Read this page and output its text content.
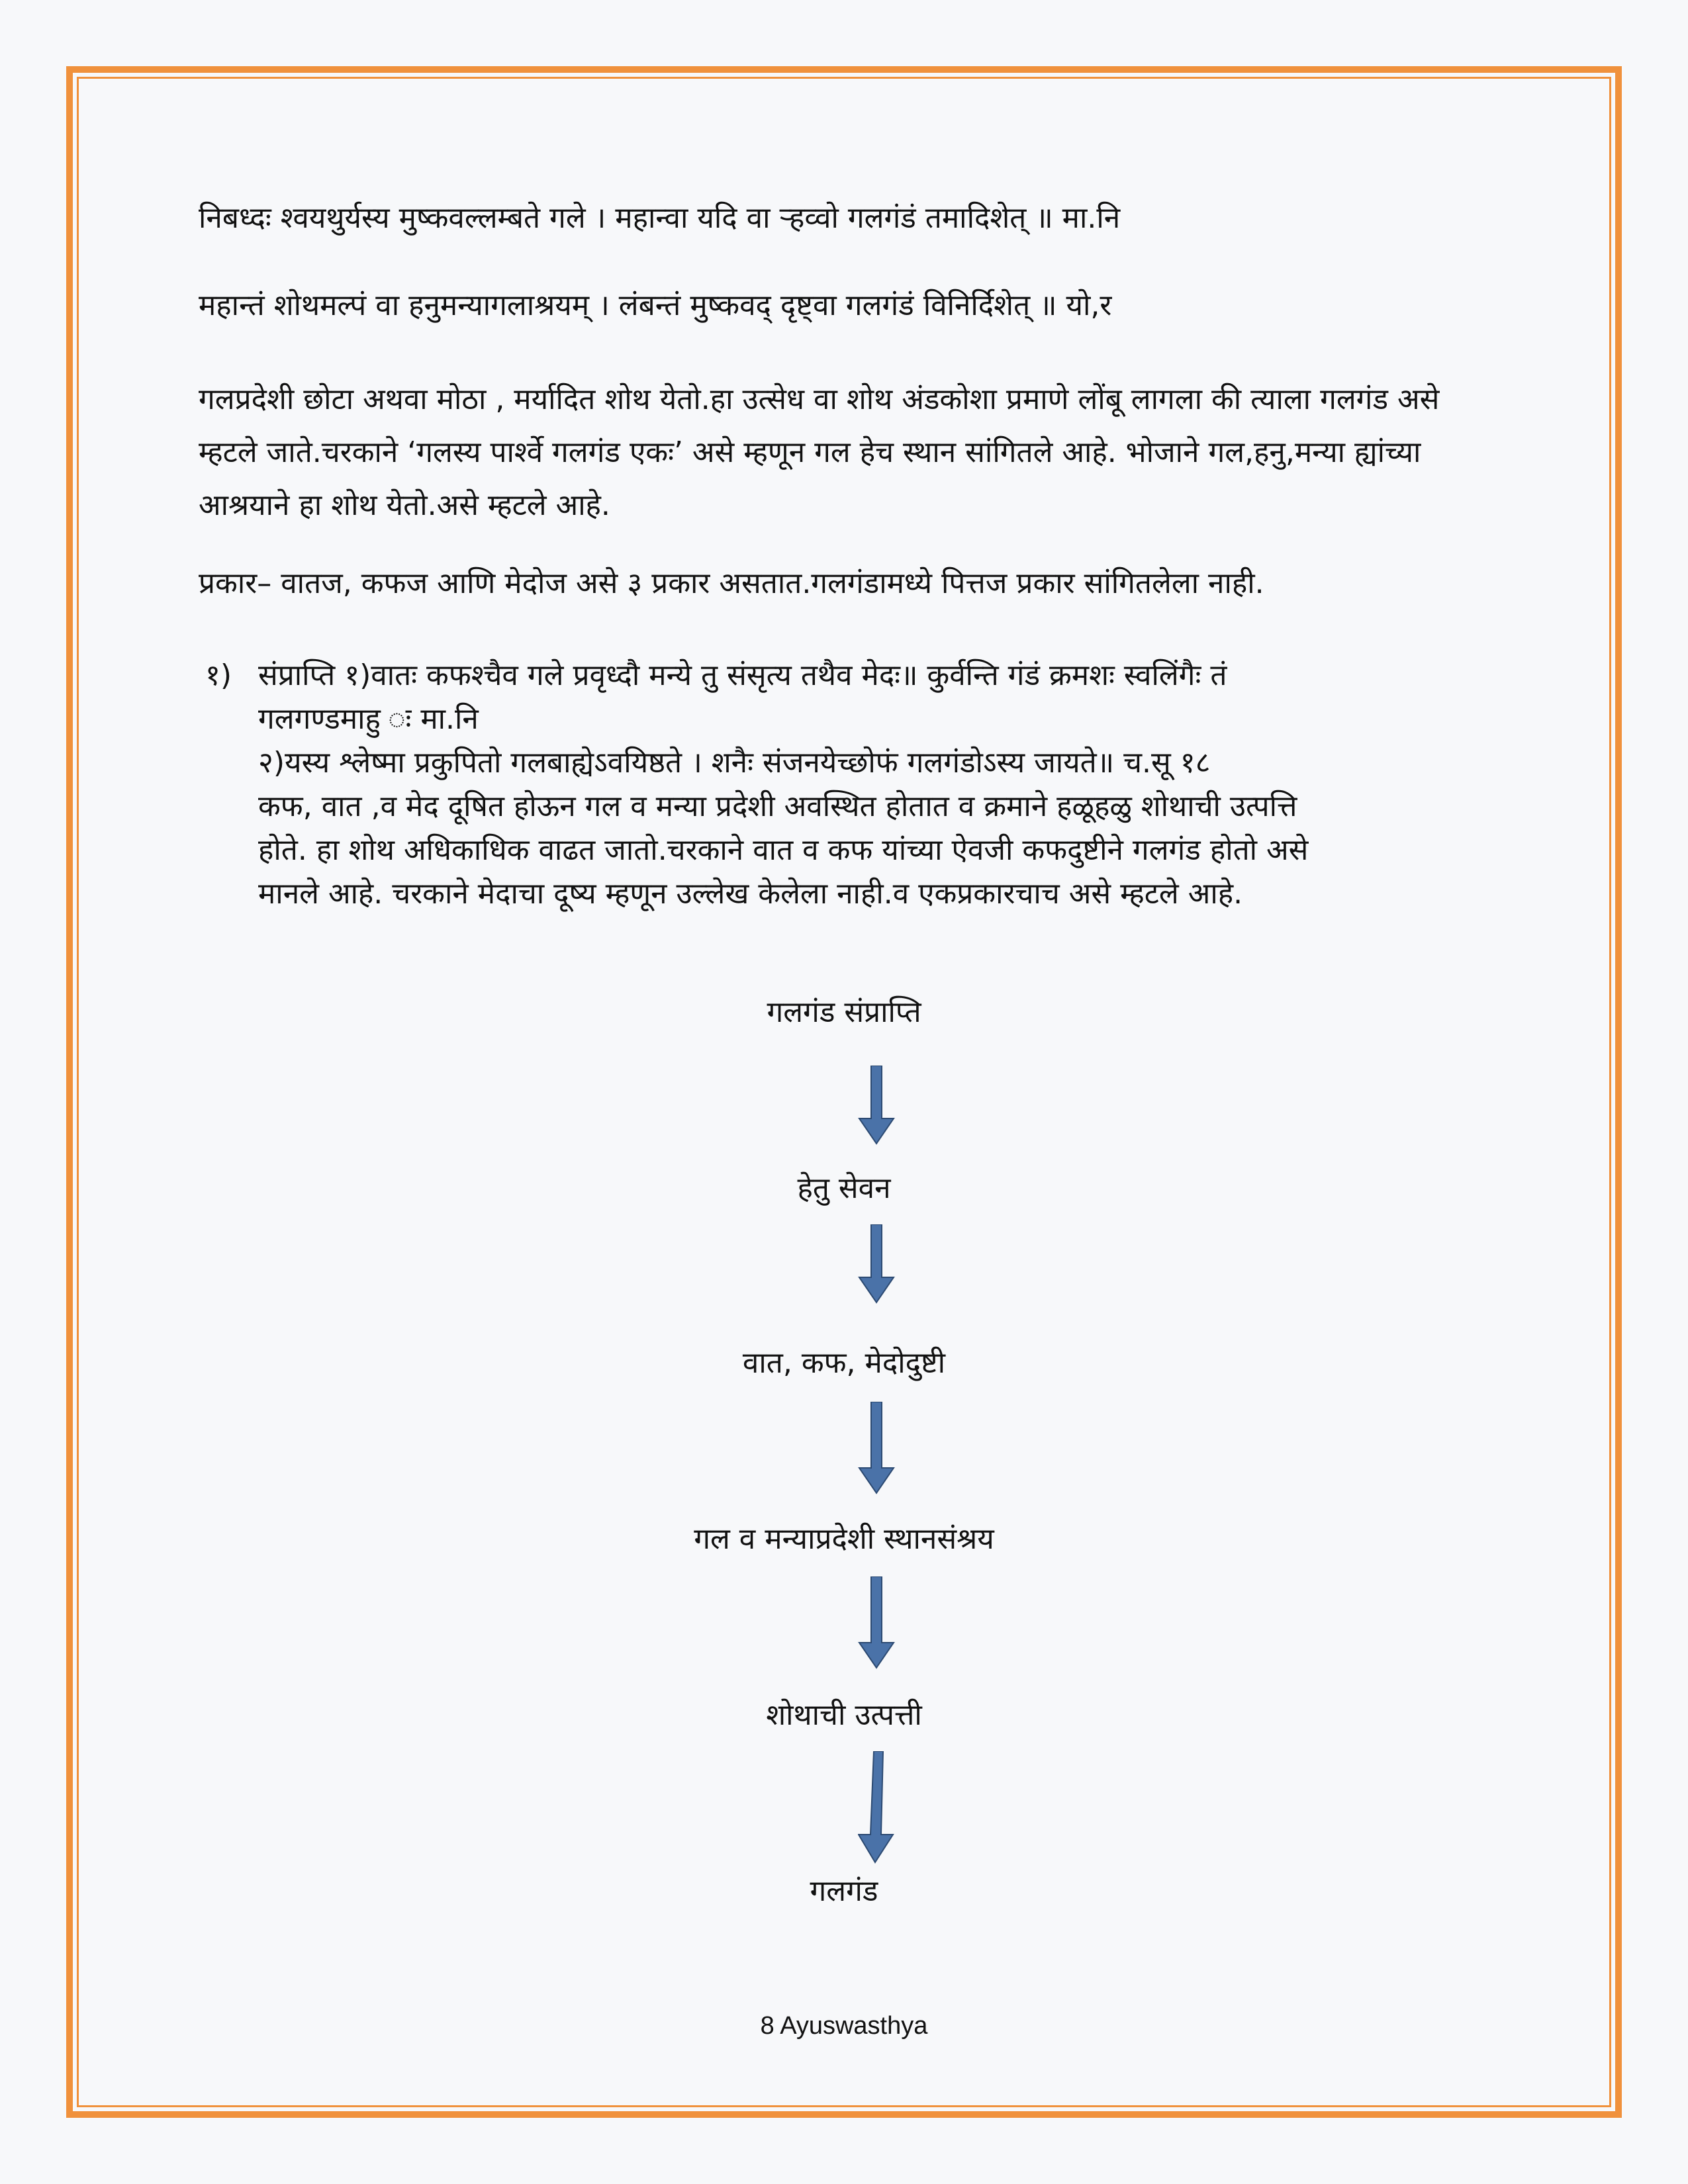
निबध्दः श्वयथुर्यस्य मुष्कवल्लम्बते गले । महान्वा यदि वा ऱ्हव्वो गलगंडं तमादिशेत् ॥ मा.नि

महान्तं शोथमल्पं वा हनुमन्यागलाश्रयम् । लंबन्तं मुष्कवद् दृष्ट्वा गलगंडं विनिर्दिशेत् ॥ यो,र

गलप्रदेशी छोटा अथवा मोठा , मर्यादित शोथ येतो.हा उत्सेध वा शोथ अंडकोशा प्रमाणे लोंबू लागला की त्याला गलगंड असे म्हटले जाते.चरकाने ‘गलस्य पार्श्वे गलगंड एकः’ असे म्हणून गल हेच स्थान सांगितले आहे. भोजाने गल,हनु,मन्या ह्यांच्या आश्रयाने हा शोथ येतो.असे म्हटले आहे.

प्रकार– वातज, कफज आणि मेदोज असे ३ प्रकार असतात.गलगंडामध्ये पित्तज प्रकार सांगितलेला नाही.

१) संप्राप्ति १)वातः कफश्चैव गले प्रवृध्दौ मन्ये तु संसृत्य तथैव मेदः॥ कुर्वन्ति गंडं क्रमशः स्वलिंगैः तं
गलगण्डमाहु ः मा.नि
२)यस्य श्लेष्मा प्रकुपितो गलबाह्येऽवयिष्ठते । शनैः संजनयेच्छोफं गलगंडोऽस्य जायते॥ च.सू १८
कफ, वात ,व मेद दूषित होऊन गल व मन्या प्रदेशी अवस्थित होतात व क्रमाने हळूहळु शोथाची उत्पत्ति
होते. हा शोथ अधिकाधिक वाढत जातो.चरकाने वात व कफ यांच्या ऐवजी कफदुष्टीने गलगंड होतो असे
मानले आहे. चरकाने मेदाचा दूष्य म्हणून उल्लेख केलेला नाही.व एकप्रकारचाच असे म्हटले आहे.
गलगंड संप्राप्ति
हेतु सेवन
वात, कफ, मेदोदुष्टी
गल व मन्याप्रदेशी स्थानसंश्रय
शोथाची उत्पत्ती
गलगंड
8 Ayuswasthya
